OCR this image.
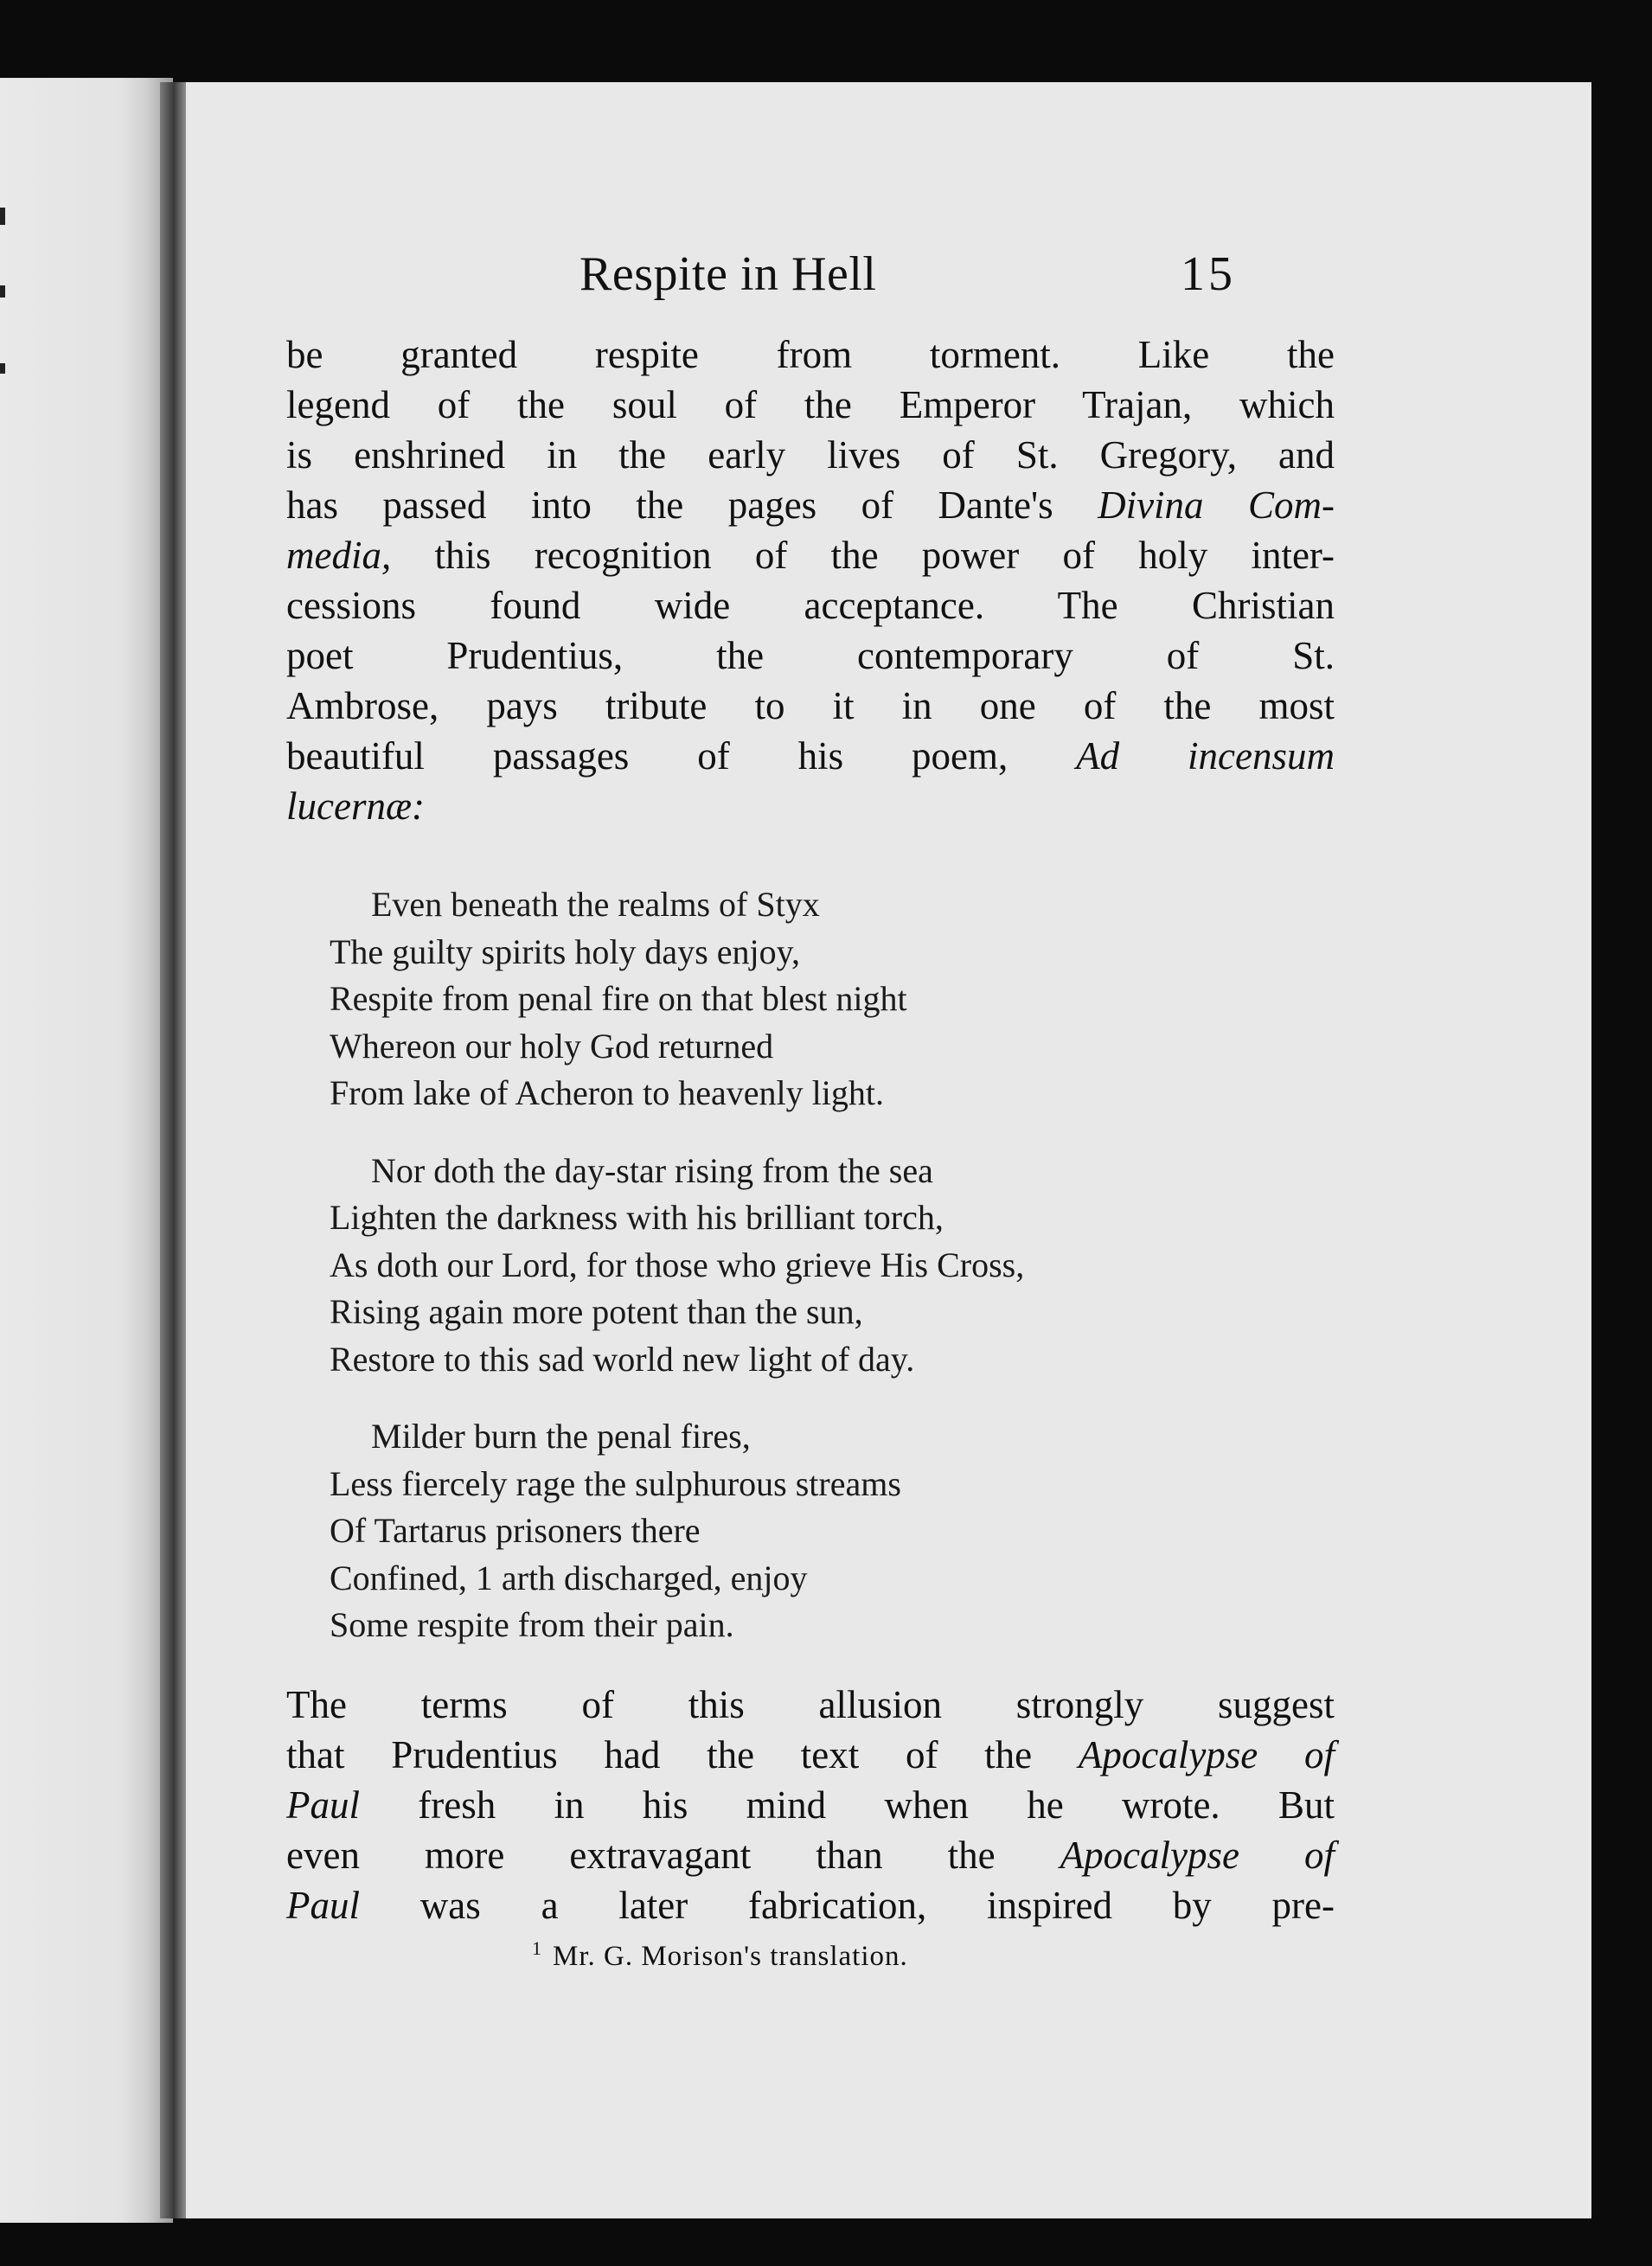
Respite in Hell	15

be granted respite from torment. Like the
legend of the soul of the Emperor Trajan, which
is enshrined in the early lives of St. Gregory, and
has passed into the pages of Dante's Divina Com-
media, this recognition of the power of holy inter-
cessions found wide acceptance. The Christian
poet Prudentius, the contemporary of St.
Ambrose, pays tribute to it in one of the most
beautiful passages of his poem, Ad incensum
lucernæ:

Even beneath the realms of Styx
The guilty spirits holy days enjoy,
Respite from penal fire on that blest night
Whereon our holy God returned
From lake of Acheron to heavenly light.
Nor doth the day-star rising from the sea
Lighten the darkness with his brilliant torch,
As doth our Lord, for those who grieve His Cross,
Rising again more potent than the sun,
Restore to this sad world new light of day.
Milder burn the penal fires,
Less fiercely rage the sulphurous streams
Of Tartarus prisoners there
Confined, 1 arth discharged, enjoy
Some respite from their pain.

The terms of this allusion strongly suggest
that Prudentius had the text of the Apocalypse of
Paul fresh in his mind when he wrote. But
even more extravagant than the Apocalypse of
Paul was a later fabrication, inspired by pre-

$^1$ Mr. G. Morison's translation.
